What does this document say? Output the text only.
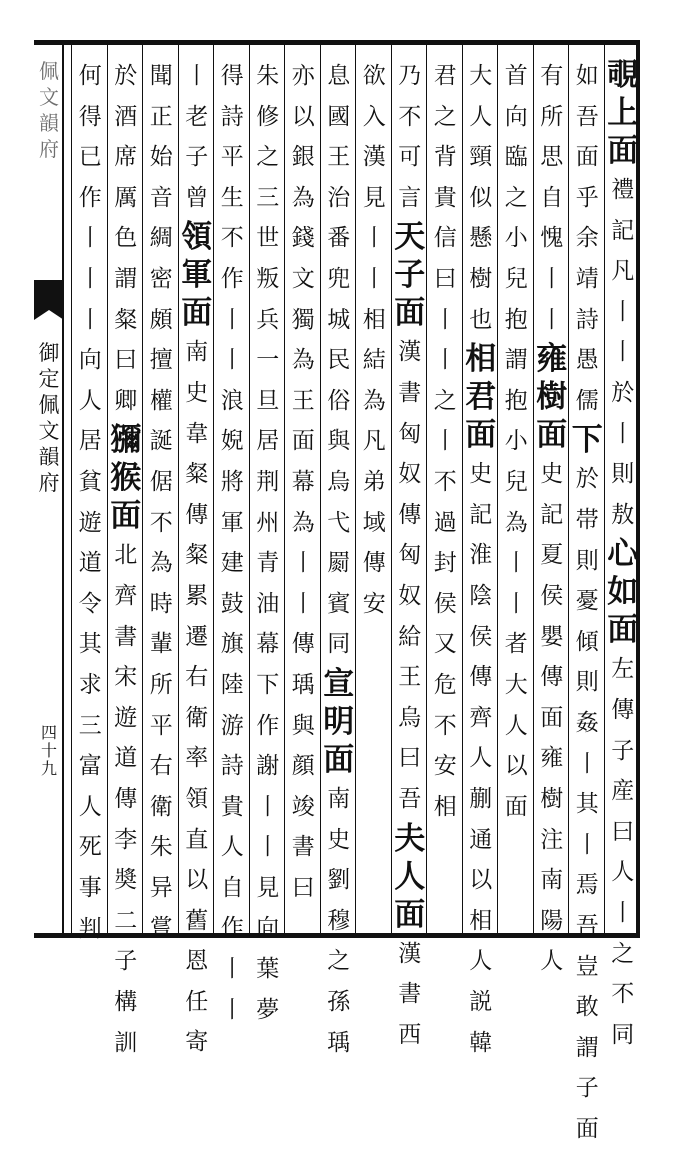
佩文韻府
御定佩文韻府
四十九
覗
上
面
禮
記
凡
丨
丨
於
丨
則
敖
心
如
面
左
傳
子
産
曰
人
丨
之
不
同
如
吾
面
乎
余
靖
詩
愚
儒
下
於
帯
則
憂
傾
則
姦
丨
其
丨
焉
吾
豈
敢
謂
子
面
有
所
思
自
愧
丨
丨
雍
樹
面
史
記
夏
侯
嬰
傳
面
雍
樹
注
南
陽
人
首
向
臨
之
小
兒
抱
謂
抱
小
兒
為
丨
丨
者
大
人
以
面
大
人
頸
似
懸
樹
也
相
君
面
史
記
淮
陰
侯
傳
齊
人
蒯
通
以
相
人
説
韓
君
之
背
貴
信
曰
丨
丨
之
丨
不
過
封
侯
又
危
不
安
相
乃
不
可
言
天
子
面
漢
書
匈
奴
傳
匈
奴
給
王
烏
曰
吾
夫
人
面
漢
書
西
欲
入
漢
見
丨
丨
相
結
為
凡
弟
域
傳
安
息
國
王
治
番
兜
城
民
俗
與
烏
弋
罽
賓
同
宣
明
面
南
史
劉
穆
之
孫
瑀
亦
以
銀
為
錢
文
獨
為
王
面
幕
為
丨
丨
傳
瑀
與
顔
竣
書
曰
朱
修
之
三
世
叛
兵
一
旦
居
荆
州
青
油
幕
下
作
謝
丨
丨
見
向
葉
夢
得
詩
平
生
不
作
丨
丨
浪
婗
將
軍
建
鼓
旗
陸
游
詩
貴
人
自
作
丨
丨
丨
老
子
曾
領
軍
面
南
史
韋
粲
傳
粲
累
遷
右
衛
率
領
直
以
舊
恩
任
寄
聞
正
始
音
綢
密
頗
擅
權
誕
倨
不
為
時
輩
所
平
右
衛
朱
异
嘗
於
酒
席
厲
色
謂
粲
曰
卿
獼
猴
面
北
齊
書
宋
遊
道
傳
李
奬
二
子
構
訓
何
得
已
作
丨
丨
丨
向
人
居
貧
遊
道
令
其
求
三
富
人
死
事
判
